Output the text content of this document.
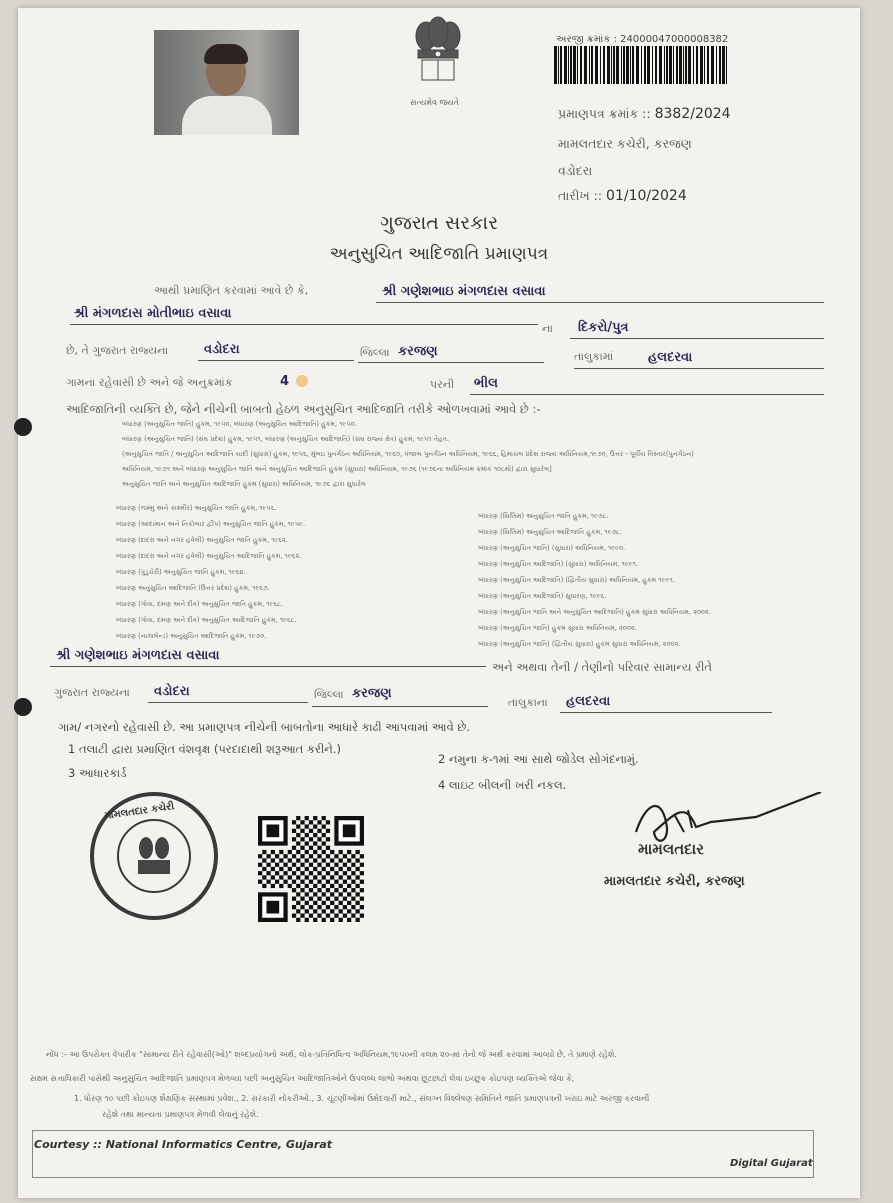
સત્યમેવ જયતે
અરજી ક્રમાંક : 24000047000008382
પ્રમાણપત્ર ક્રમાંક :: 8382/2024
મામલતદાર કચેરી, કરજણ
વડોદરા
તારીખ :: 01/10/2024
ગુજરાત સરકાર
અનુસુચિત આદિજાતિ પ્રમાણપત્ર
આથી પ્રમાણિત કરવામાં આવે છે કે,	શ્રી ગણેશભાઇ મંગળદાસ વસાવા
શ્રી મંગળદાસ મોતીભાઇ વસાવા
ના દિકરો/પુત્ર
છે, તે ગુજરાત રાજ્યના	વડોદરા	જિલ્લા કરજણ	તાલુકામાં	હલદરવા
ગામના રહેવાસી છે અને જે અનુક્રમાંક	4	પરની ભીલ
આદિજાતિની વ્યક્તિ છે, જેને નીચેની બાબતો હેઠળ અનુસુચિત આદિજાતિ તરીકે ઓળખવામાં આવે છે :-
બંધારણ (અનુસુચિત જાતિ) હુકમ, ૧૯૫૦, બંધારણ (અનુસુચિત આદિજાતિ) હુકમ, ૧૯૫૦.
બંધારણ (અનુસુચિત જાતિ) (સંઘ પ્રદેશ) હુકમ, ૧૯૫૧, બંધારણ (અનુસુચિત આદિજાતિ) (સંઘ રાજ્ય ક્ષેત્ર) હુકમ, ૧૯૫૧ તેહત.
(અનુસુચિત જાતિ / અનુસુચિત આદિજાતિ યાદી (સુધારા) હુકમ, ૧૯૫૬, મુંબઇ પુનર્ગઠન અધિનિયમ, ૧૯૬૦, પંજાબ પુનર્ગઠન અધિનિયમ, ૧૯૬૬, હિમાચલ પ્રદેશ રાજ્ય અધિનિયમ,૧૯૭૦, ઉત્તર - પૂર્વીય વિસ્તાર(પુનર્ગઠન)
અધિનિયમ, ૧૯૭૧ અને બંધારણ અનુસુચિત જાતિ અને અનુસુચિત આદિજાતિ હુકમ (સુધારા) અધિનિયમ, ૧૯૭૬ (૧૯૭૬ના અધિનિયમ ક્રમાંક ૧૦૮મો) દ્વારા સુધારેલ]
અનુસુચિત જાતિ અને અનુસુચિત આદિજાતિ હુકમ (સુધારા) અધિનિયમ, ૧૯૭૬ દ્વારા સુધારેલ
બંધારણ (જમ્મુ અને કાશ્મીર) અનુસુચિત જાતિ હુકમ, ૧૯૫૬.
બંધારણ (આંદામાન અને નિકોબાર દ્વીપ) અનુસુચિત જાતિ હુકમ, ૧૯૫૯.
બંધારણ (દાદરા અને નગર હવેલી) અનુસુચિત જાતિ હુકમ, ૧૯૬૨.
બંધારણ (દાદરા અને નગર હવેલી) અનુસુચિત આદિજાતિ હુકમ, ૧૯૬૨.
બંધારણ (પુડુચેરી) અનુસુચિત જાતિ હુકમ, ૧૯૬૪.
બંધારણ અનુસુચિત આદિજાતિ (ઉત્તર પ્રદેશ) હુકમ, ૧૯૬૭.
બંધારણ (ગોવા, દમણ અને દીવ) અનુસુચિત જાતિ હુકમ, ૧૯૬૮.
બંધારણ (ગોવા, દમણ અને દીવ) અનુસુચિત આદિજાતિ હુકમ, ૧૯૬૮.
બંધારણ (નાગાલેન્ડ) અનુસુચિત આદિજાતિ હુકમ, ૧૯૭૦.
બંધારણ (સિક્કિમ) અનુસુચિત જાતિ હુકમ, ૧૯૭૮.
બંધારણ (સિક્કિમ) અનુસુચિત આદિજાતિ હુકમ, ૧૯૭૮.
બંધારણ (અનુસુચિત જાતિ) (સુધારા) અધિનિયમ, ૧૯૯૦.
બંધારણ (અનુસુચિત આદિજાતિ) (સુધારા) અધિનિયમ, ૧૯૯૧.
બંધારણ (અનુસુચિત આદિજાતિ) (દ્વિતીય સુધારા) અધિનિયમ, હુકમ ૧૯૯૧.
બંધારણ (અનુસુચિત આદિજાતિ) સુધારણ, ૧૯૯૬.
બંધારણ (અનુસુચિત જાતિ અને અનુસુચિત આદિજાતિ) હુકમ સુધારા અધિનિયમ, ૨૦૦૨.
બંધારણ (અનુસુચિત જાતિ) હુકમ સુધારા અધિનિયમ, ૨૦૦૨.
બંધારણ (અનુસુચિત જાતિ) (દ્વિતીય સુધારા) હુકમ સુધારા અધિનિયમ, ૨૦૦૨.
શ્રી ગણેશભાઇ મંગળદાસ વસાવા
અને અથવા તેની / તેણીનો પરિવાર સામાન્ય રીતે
ગુજરાત રાજ્યના વડોદરા	જિલ્લા કરજણ
તાલુકાના હલદરવા
ગામ/ નગરનો રહેવાસી છે. આ પ્રમાણપત્ર નીચેની બાબતોના આધારે કાઢી આપવામાં આવે છે.
1 તલાટી દ્વારા પ્રમાણિત વંશવૃક્ષ (પરદાદાથી શરૂઆત કરીને.)
2 નમુના ક-૧માં આ સાથે જોડેલ સોગંદનામું.
3 આધારકાર્ડ
4 લાઇટ બીલની ખરી નકલ.
મામલતદાર કચેરી
મામલતદાર
મામલતદાર કચેરી, કરજણ
નોંધ :- આ ઉપરોક્ત વેપારીક "સામાન્ય રીતે રહેવાસી(ઓ)" શબ્દપ્રયોગનો અર્થ, લોક-પ્રતિનિધિત્વ અધિનિયમ,૧૯૫૦ની કલમ ૨૦-માં તેનો જે અર્થ કરવામાં આવ્યો છે, તે પ્રમાણે રહેશે.
સક્ષમ સત્તાધિકારી પાસેથી અનુસુચિત આદિજાતિ પ્રમાણપત્ર મેળવ્યા પછી અનુસુચિત આદિજાતિઓને ઉપલબ્ધ લાભો અથવા છૂટછાટો લેવા ઇચ્છુક કોઇપણ વ્યક્તિએ જેવા કે,
1. ધોરણ ૧૦ પછી કોઇપણ શૈક્ષણિક સંસ્થામાં પ્રવેશ., 2. સરકારી નોકરીઓ., 3. ચૂંટણીઓમાં ઉમેદવારી માટે., સંલગ્ન વિશ્લેષણ સમિતિને જાતિ પ્રમાણપત્રની ખરાઇ માટે અરજી કરવાની
રહેશે તથા માન્યતા પ્રમાણપત્ર મેળવી લેવાનું રહેશે.
Courtesy :: National Informatics Centre, Gujarat
Digital Gujarat
